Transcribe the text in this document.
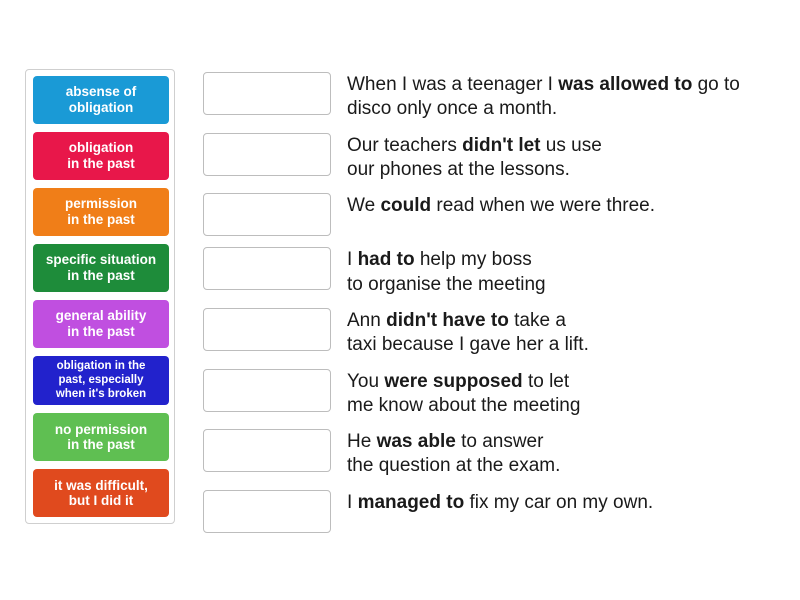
absense of
obligation
obligation
in the past
permission
in the past
specific situation
in the past
general ability
in the past
obligation in the
past, especially
when it's broken
no permission
in the past
it was difficult,
but I did it
When I was a teenager I was allowed to go to disco only once a month.
Our teachers didn't let us use
our phones at the lessons.
We could read when we were three.
I had to help my boss
to organise the meeting
Ann didn't have to take a
taxi because I gave her a lift.
You were supposed to let
me know about the meeting
He was able to answer
the question at the exam.
I managed to fix my car on my own.
